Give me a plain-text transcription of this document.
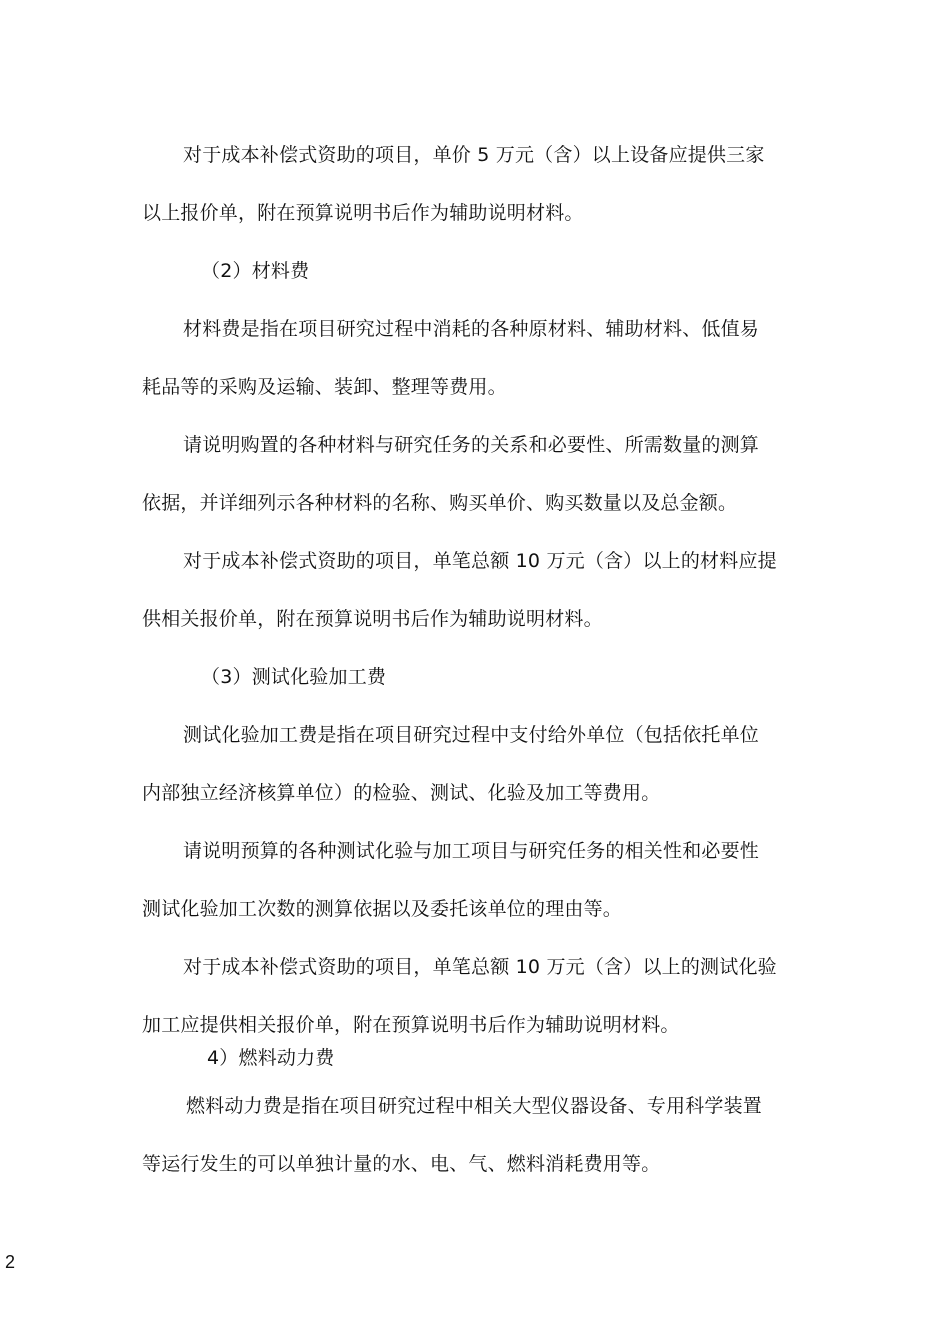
对于成本补偿式资助的项目，单价 5 万元（含）以上设备应提供三家
以上报价单，附在预算说明书后作为辅助说明材料。
（2）材料费
材料费是指在项目研究过程中消耗的各种原材料、辅助材料、低值易
耗品等的采购及运输、装卸、整理等费用。
请说明购置的各种材料与研究任务的关系和必要性、所需数量的测算
依据，并详细列示各种材料的名称、购买单价、购买数量以及总金额。
对于成本补偿式资助的项目，单笔总额 10 万元（含）以上的材料应提
供相关报价单，附在预算说明书后作为辅助说明材料。
（3）测试化验加工费
测试化验加工费是指在项目研究过程中支付给外单位（包括依托单位
内部独立经济核算单位）的检验、测试、化验及加工等费用。
请说明预算的各种测试化验与加工项目与研究任务的相关性和必要性
测试化验加工次数的测算依据以及委托该单位的理由等。
对于成本补偿式资助的项目，单笔总额 10 万元（含）以上的测试化验
加工应提供相关报价单，附在预算说明书后作为辅助说明材料。
4）燃料动力费
燃料动力费是指在项目研究过程中相关大型仪器设备、专用科学装置
等运行发生的可以单独计量的水、电、气、燃料消耗费用等。
2
